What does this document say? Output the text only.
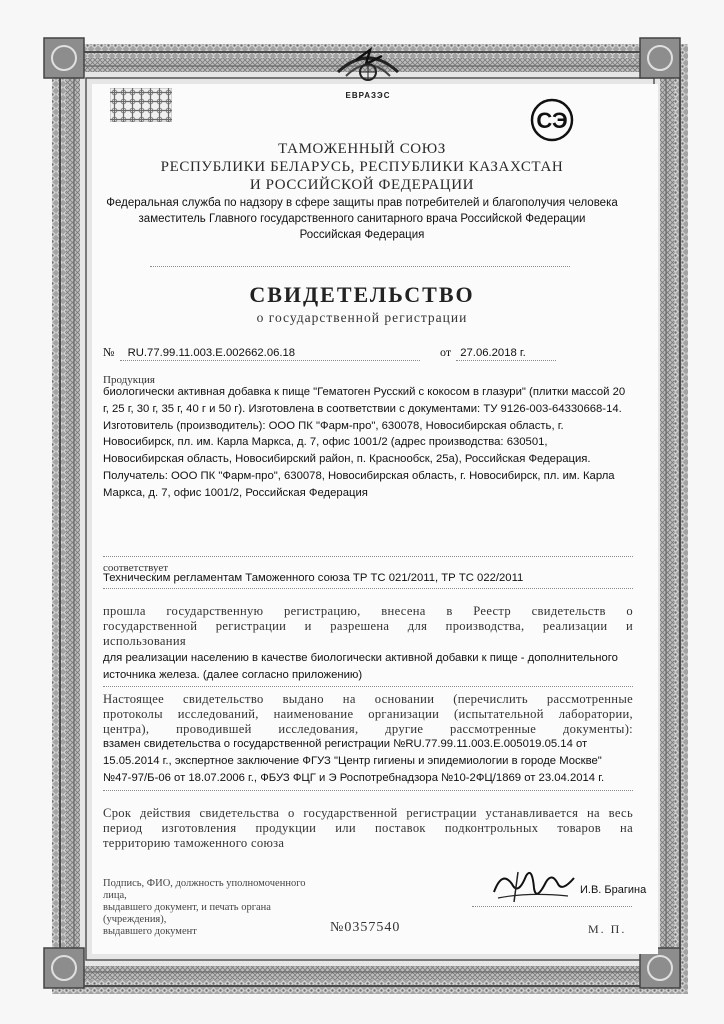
ЕВРАЗЭС
СЭ
ТАМОЖЕННЫЙ СОЮЗ
РЕСПУБЛИКИ БЕЛАРУСЬ, РЕСПУБЛИКИ КАЗАХСТАН
И РОССИЙСКОЙ ФЕДЕРАЦИИ
Федеральная служба по надзору в сфере защиты прав потребителей и благополучия человека
заместитель Главного государственного санитарного врача Российской Федерации
Российская Федерация
СВИДЕТЕЛЬСТВО
о государственной регистрации
№ RU.77.99.11.003.Е.002662.06.18	от 27.06.2018 г.
Продукция
биологически активная добавка к пище "Гематоген Русский с кокосом в глазури" (плитки массой 20
г, 25 г, 30 г, 35 г, 40 г и 50 г). Изготовлена в соответствии с документами: ТУ 9126-003-64330668-14.
Изготовитель (производитель): ООО ПК "Фарм-про", 630078, Новосибирская область, г.
Новосибирск, пл. им. Карла Маркса, д. 7, офис 1001/2 (адрес производства: 630501,
Новосибирская область, Новосибирский район, п. Краснообск, 25а), Российская Федерация.
Получатель: ООО ПК "Фарм-про", 630078, Новосибирская область, г. Новосибирск, пл. им. Карла
Маркса, д. 7, офис 1001/2, Российская Федерация
соответствует
Техническим регламентам Таможенного союза ТР ТС 021/2011, ТР ТС 022/2011
прошла государственную регистрацию, внесена в Реестр свидетельств о
государственной регистрации и разрешена для производства, реализации и
использования
для реализации населению в качестве биологически активной добавки к пище - дополнительного
источника железа. (далее согласно приложению)
Настоящее свидетельство выдано на основании (перечислить рассмотренные
протоколы исследований, наименование организации (испытательной лаборатории,
центра), проводившей исследования, другие рассмотренные документы):
взамен свидетельства о государственной регистрации №RU.77.99.11.003.Е.005019.05.14 от
15.05.2014 г., экспертное заключение ФГУЗ "Центр гигиены и эпидемиологии в городе Москве"
№47-97/Б-06 от 18.07.2006 г., ФБУЗ ФЦГ и Э Роспотребнадзора №10-2ФЦ/1869 от 23.04.2014 г.
Срок действия свидетельства о государственной регистрации устанавливается на весь
период изготовления продукции или поставок подконтрольных товаров на
территорию таможенного союза
Подпись, ФИО, должность уполномоченного лица,
выдавшего документ, и печать органа (учреждения),
выдавшего документ
И.В. Брагина
№0357540	М. П.
